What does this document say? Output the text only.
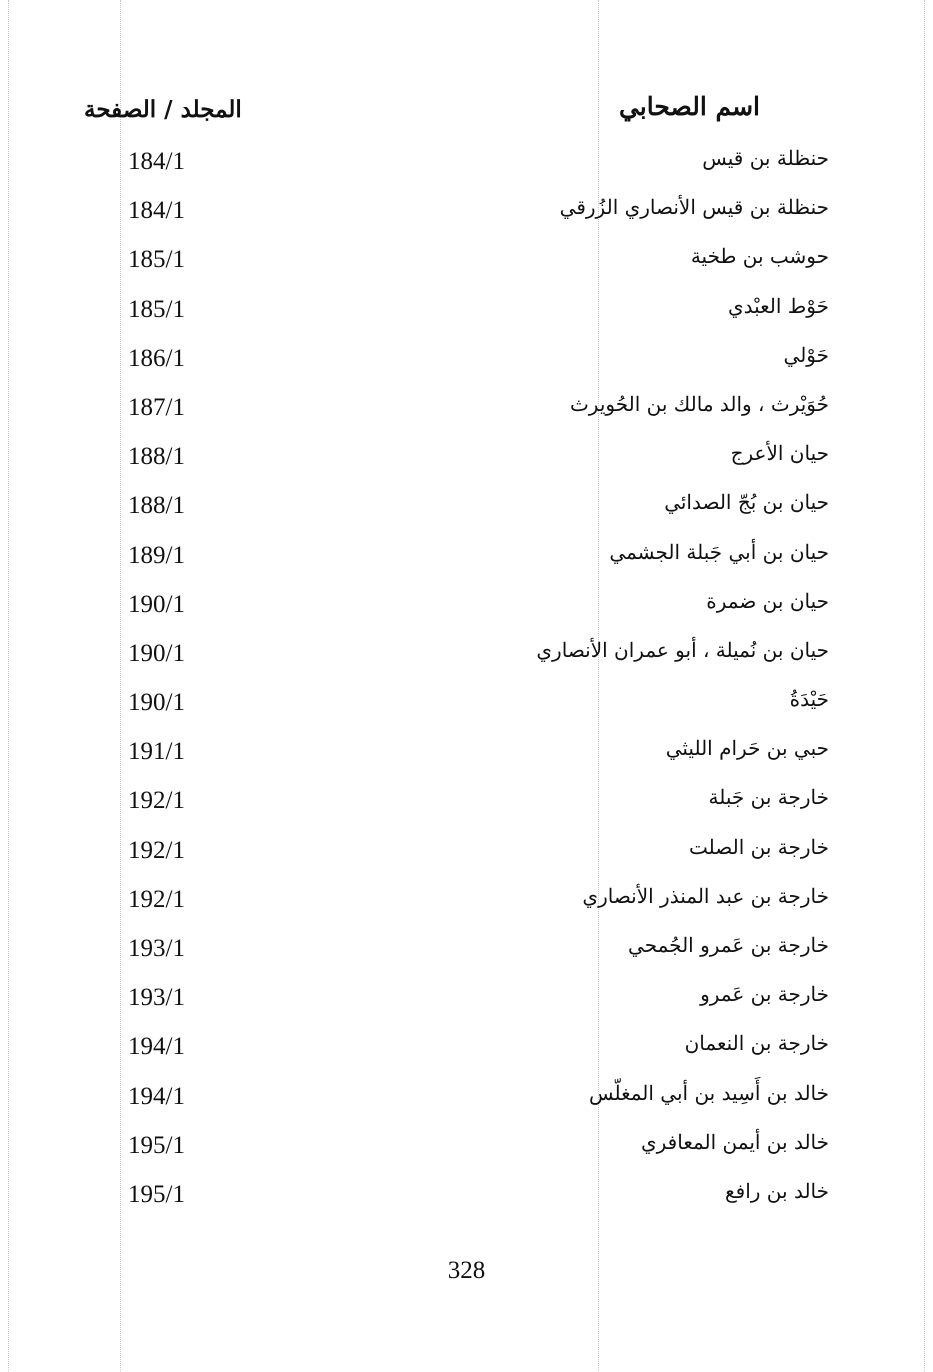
اسم الصحابي
المجلد / الصفحة
حنظلة بن قيس
184/1
حنظلة بن قيس الأنصاري الزُرقي
184/1
حوشب بن طخية
185/1
حَوْط العبْدي
185/1
حَوْلي
186/1
حُوَيْرث ، والد مالك بن الحُويرث
187/1
حيان الأعرج
188/1
حيان بن بُجّ الصدائي
188/1
حيان بن أبي جَبلة الجشمي
189/1
حيان بن ضمرة
190/1
حيان بن نُميلة ، أبو عمران الأنصاري
190/1
حَيْدَةُ
190/1
حبي بن حَرام الليثي
191/1
خارجة بن جَبلة
192/1
خارجة بن الصلت
192/1
خارجة بن عبد المنذر الأنصاري
192/1
خارجة بن عَمرو الجُمحي
193/1
خارجة بن عَمرو
193/1
خارجة بن النعمان
194/1
خالد بن أَسِيد بن أبي المغلّس
194/1
خالد بن أيمن المعافري
195/1
خالد بن رافع
195/1
328
